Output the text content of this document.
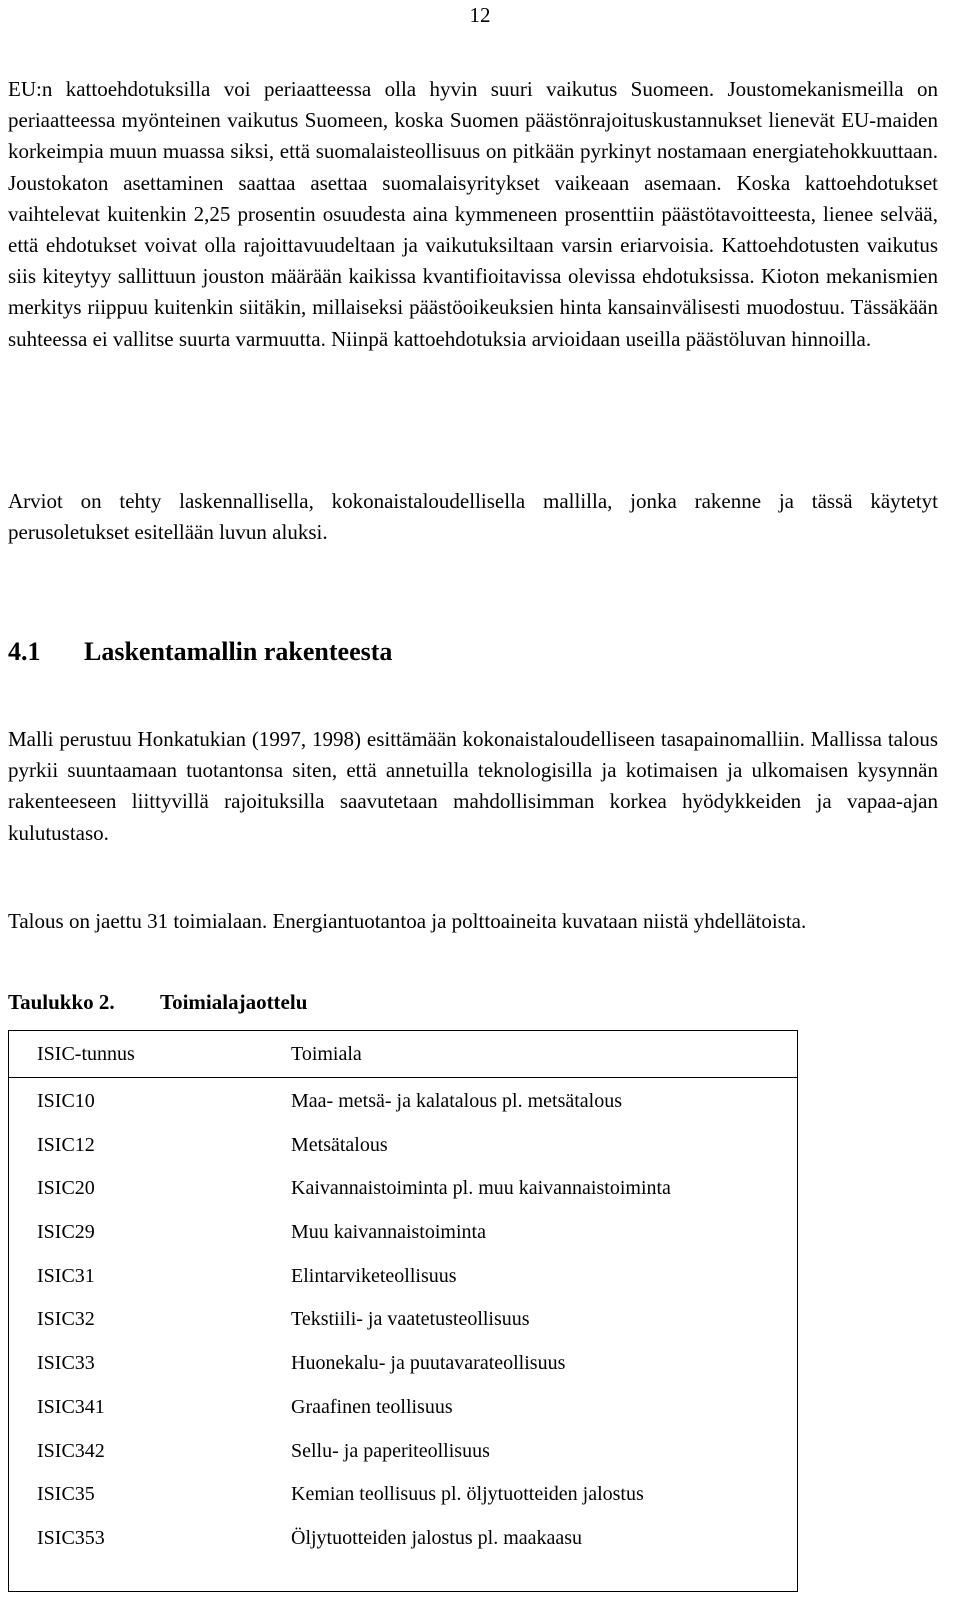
12

EU:n kattoehdotuksilla voi periaatteessa olla hyvin suuri vaikutus Suomeen. Joustomekanismeilla on periaatteessa myönteinen vaikutus Suomeen, koska Suomen päästönrajoituskustannukset lienevät EU-maiden korkeimpia muun muassa siksi, että suomalaisteollisuus on pitkään pyrkinyt nostamaan energiatehokkuuttaan. Joustokaton asettaminen saattaa asettaa suomalaisyritykset vaikeaan asemaan. Koska kattoehdotukset vaihtelevat kuitenkin 2,25 prosentin osuudesta aina kymmeneen prosenttiin päästötavoitteesta, lienee selvää, että ehdotukset voivat olla rajoittavuudeltaan ja vaikutuksiltaan varsin eriarvoisia. Kattoehdotusten vaikutus siis kiteytyy sallittuun jouston määrään kaikissa kvantifioitavissa olevissa ehdotuksissa. Kioton mekanismien merkitys riippuu kuitenkin siitäkin, millaiseksi päästöoikeuksien hinta kansainvälisesti muodostuu. Tässäkään suhteessa ei vallitse suurta varmuutta. Niinpä kattoehdotuksia arvioidaan useilla päästöluvan hinnoilla.

Arviot on tehty laskennallisella, kokonaistaloudellisella mallilla, jonka rakenne ja tässä käytetyt perusoletukset esitellään luvun aluksi.

4.1 Laskentamallin rakenteesta

Malli perustuu Honkatukian (1997, 1998) esittämään kokonaistaloudelliseen tasapainomalliin. Mallissa talous pyrkii suuntaamaan tuotantonsa siten, että annetuilla teknologisilla ja kotimaisen ja ulkomaisen kysynnän rakenteeseen liittyvillä rajoituksilla saavutetaan mahdollisimman korkea hyödykkeiden ja vapaa-ajan kulutustaso.

Talous on jaettu 31 toimialaan. Energiantuotantoa ja polttoaineita kuvataan niistä yhdellätoista.

Taulukko 2. Toimialajaottelu
ISIC-tunnus	Toimiala
ISIC10	Maa- metsä- ja kalatalous pl. metsätalous
ISIC12	Metsätalous
ISIC20	Kaivannaistoiminta pl. muu kaivannaistoiminta
ISIC29	Muu kaivannaistoiminta
ISIC31	Elintarviketeollisuus
ISIC32	Tekstiili- ja vaatetusteollisuus
ISIC33	Huonekalu- ja puutavarateollisuus
ISIC341	Graafinen teollisuus
ISIC342	Sellu- ja paperiteollisuus
ISIC35	Kemian teollisuus pl. öljytuotteiden jalostus
ISIC353	Öljytuotteiden jalostus pl. maakaasu
